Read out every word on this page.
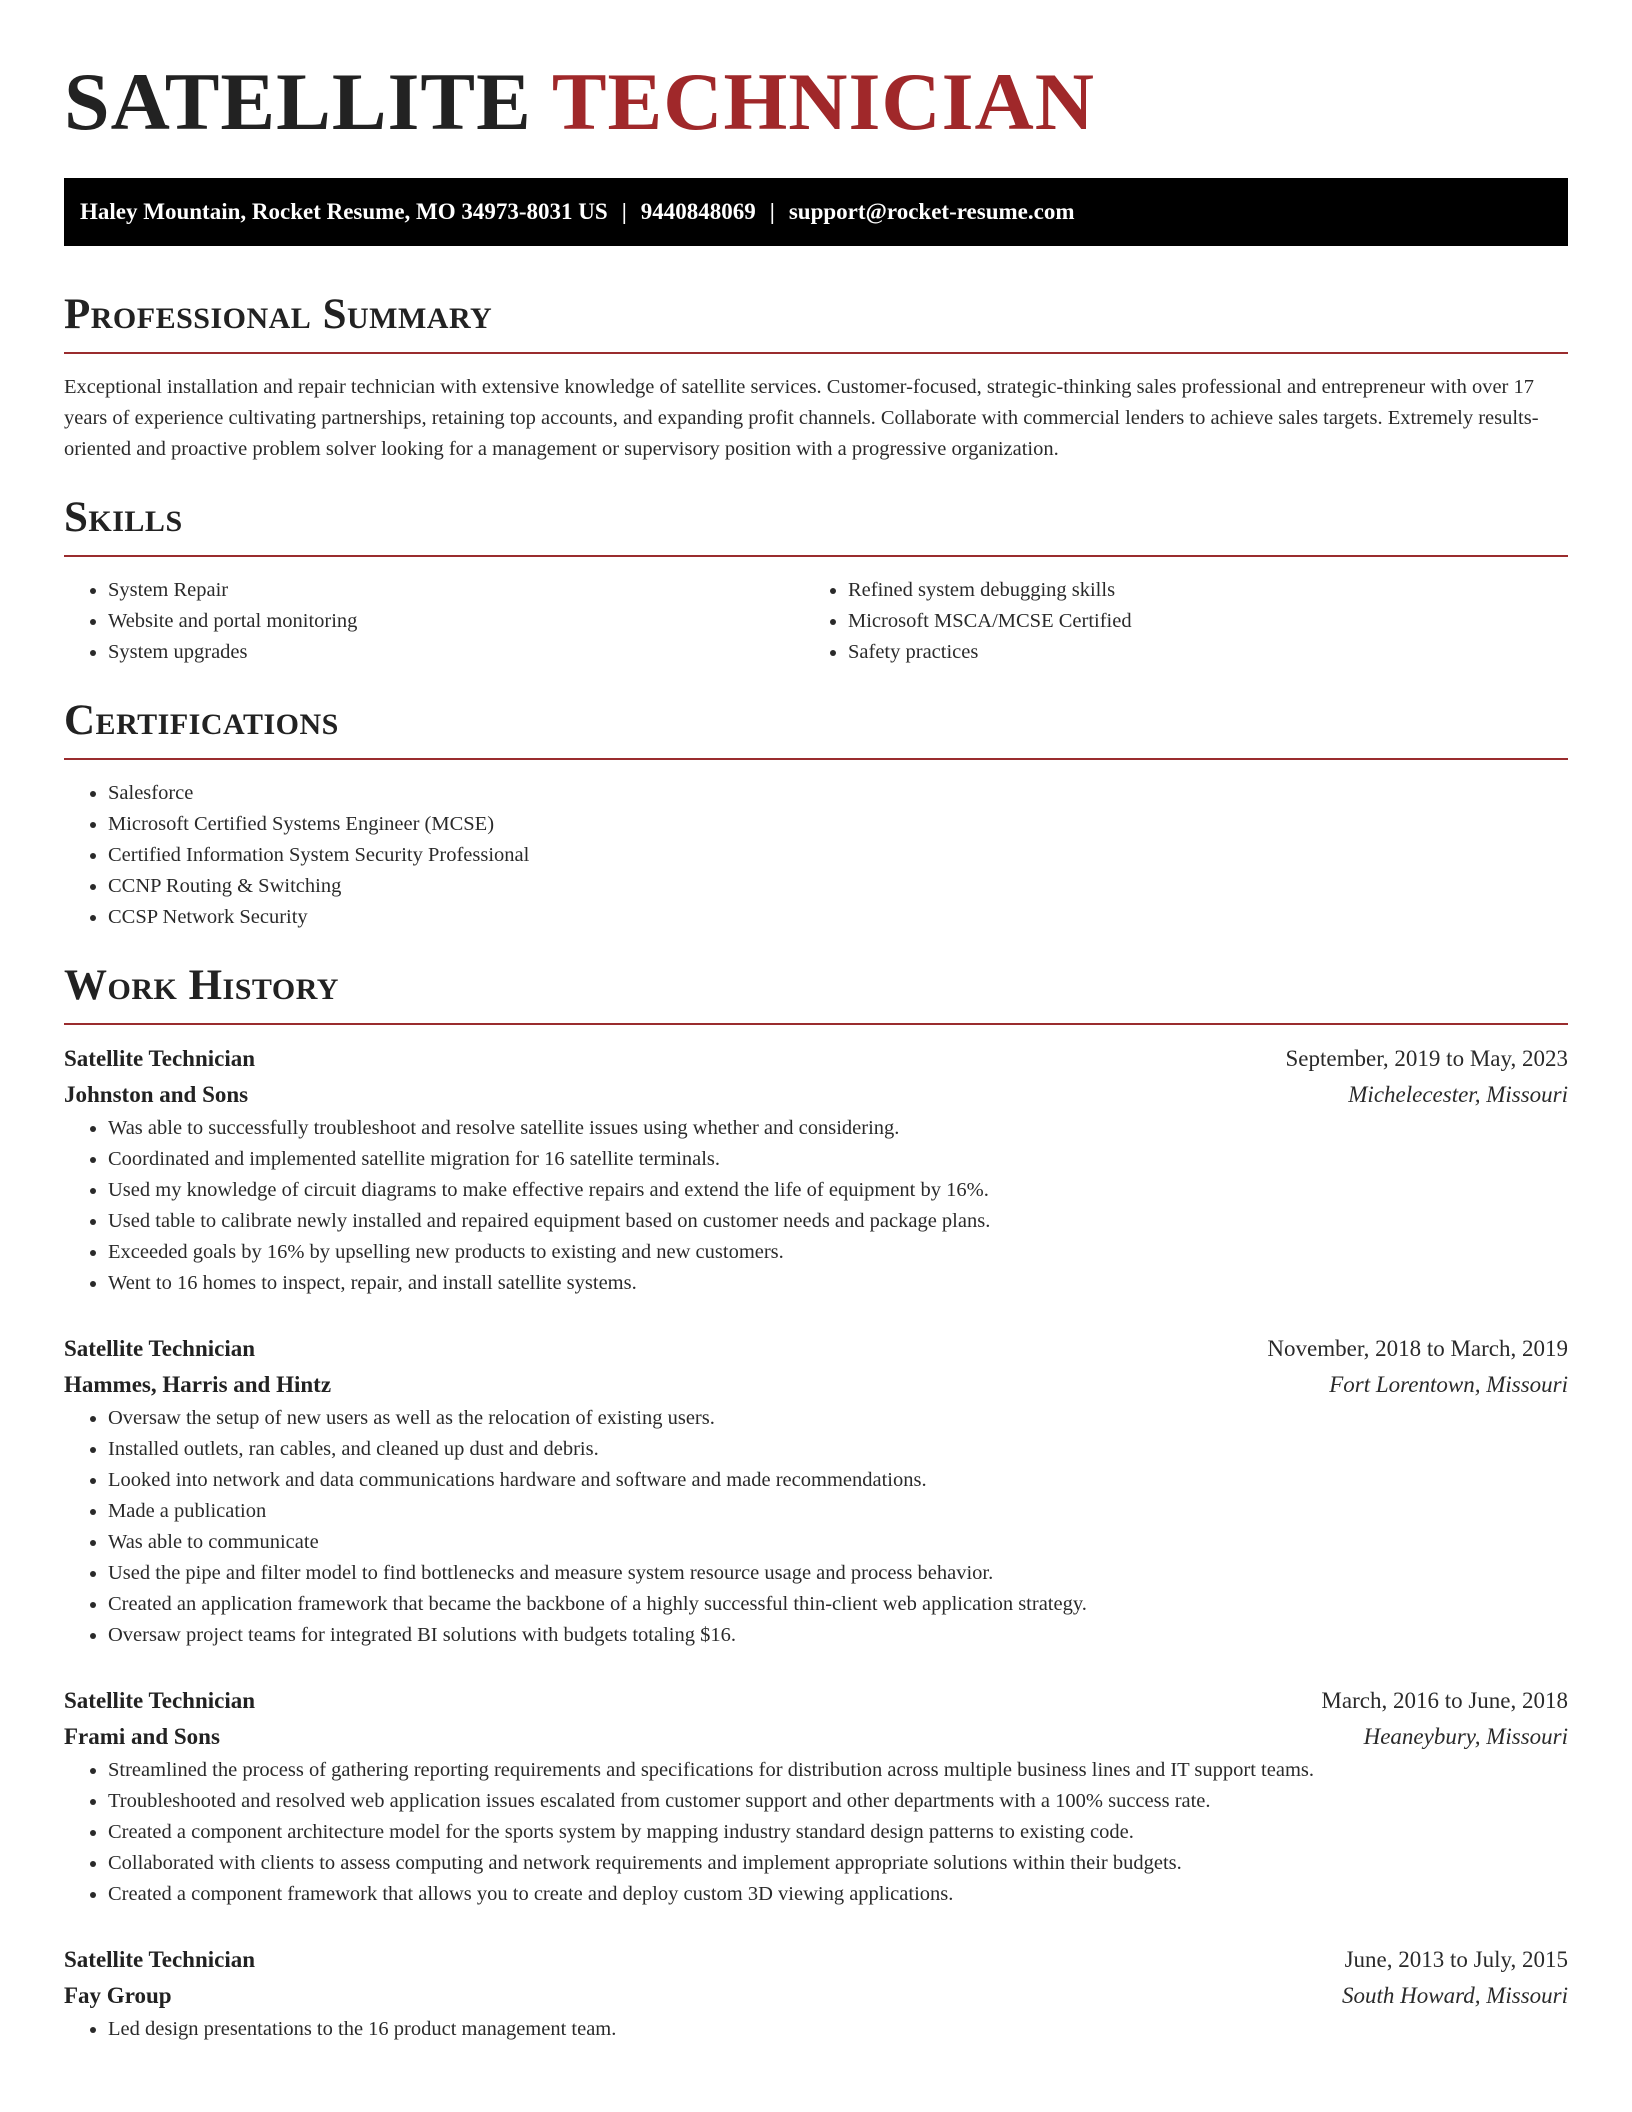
SATELLITE TECHNICIAN
Haley Mountain, Rocket Resume, MO 34973-8031 US | 9440848069 | support@rocket-resume.com
Professional Summary

Exceptional installation and repair technician with extensive knowledge of satellite services. Customer-focused, strategic-thinking sales professional and entrepreneur with over 17 years of experience cultivating partnerships, retaining top accounts, and expanding profit channels. Collaborate with commercial lenders to achieve sales targets. Extremely results-oriented and proactive problem solver looking for a management or supervisory position with a progressive organization.

Skills
• System Repair
• Website and portal monitoring
• System upgrades
• Refined system debugging skills
• Microsoft MSCA/MCSE Certified
• Safety practices
Certifications
• Salesforce
• Microsoft Certified Systems Engineer (MCSE)
• Certified Information System Security Professional
• CCNP Routing & Switching
• CCSP Network Security
Work History
Satellite Technician	September, 2019 to May, 2023
Johnston and Sons	Michelecester, Missouri
• Was able to successfully troubleshoot and resolve satellite issues using whether and considering.
• Coordinated and implemented satellite migration for 16 satellite terminals.
• Used my knowledge of circuit diagrams to make effective repairs and extend the life of equipment by 16%.
• Used table to calibrate newly installed and repaired equipment based on customer needs and package plans.
• Exceeded goals by 16% by upselling new products to existing and new customers.
• Went to 16 homes to inspect, repair, and install satellite systems.
Satellite Technician	November, 2018 to March, 2019
Hammes, Harris and Hintz	Fort Lorentown, Missouri
• Oversaw the setup of new users as well as the relocation of existing users.
• Installed outlets, ran cables, and cleaned up dust and debris.
• Looked into network and data communications hardware and software and made recommendations.
• Made a publication
• Was able to communicate
• Used the pipe and filter model to find bottlenecks and measure system resource usage and process behavior.
• Created an application framework that became the backbone of a highly successful thin-client web application strategy.
• Oversaw project teams for integrated BI solutions with budgets totaling $16.
Satellite Technician	March, 2016 to June, 2018
Frami and Sons	Heaneybury, Missouri
• Streamlined the process of gathering reporting requirements and specifications for distribution across multiple business lines and IT support teams.
• Troubleshooted and resolved web application issues escalated from customer support and other departments with a 100% success rate.
• Created a component architecture model for the sports system by mapping industry standard design patterns to existing code.
• Collaborated with clients to assess computing and network requirements and implement appropriate solutions within their budgets.
• Created a component framework that allows you to create and deploy custom 3D viewing applications.
Satellite Technician	June, 2013 to July, 2015
Fay Group	South Howard, Missouri
• Led design presentations to the 16 product management team.
